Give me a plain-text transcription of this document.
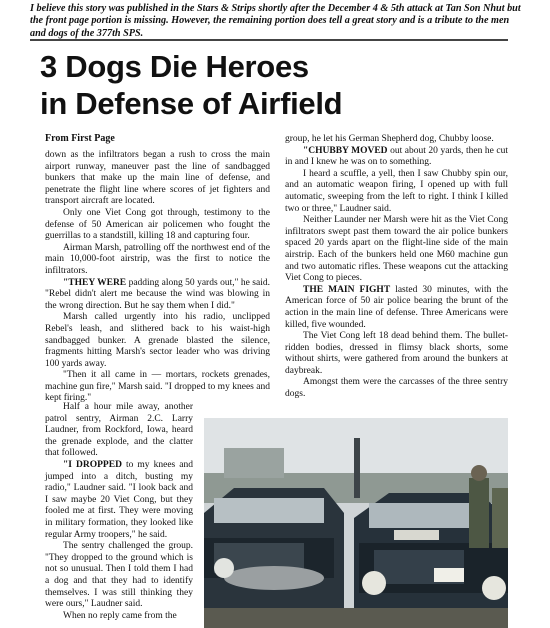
I believe this story was published in the Stars & Strips shortly after the December 4 & 5th attack at Tan Son Nhut but the front page portion is missing. However, the remaining portion does tell a great story and is a tribute to the men and dogs of the 377th SPS.
3 Dogs Die Heroes
in Defense of Airfield
From First Page

down as the infiltrators began a rush to cross the main airport runway, maneuver past the line of sandbagged bunkers that make up the main line of defense, and penetrate the flight line where scores of jet fighters and transport aircraft are located.

Only one Viet Cong got through, testimony to the defense of 50 American air policemen who fought the guerrillas to a standstill, killing 18 and capturing four.

Airman Marsh, patrolling off the northwest end of the main 10,000-foot airstrip, was the first to notice the infiltrators.

"THEY WERE padding along 50 yards out," he said. "Rebel didn't alert me because the wind was blowing in the wrong direction. But he say them when I did."

Marsh called urgently into his radio, unclipped Rebel's leash, and slithered back to his waist-high sandbagged bunker. A grenade blasted the silence, fragments hitting Marsh's sector leader who was driving 100 yards away.

"Then it all came in — mortars, rockets grenades, machine gun fire," Marsh said. "I dropped to my knees and kept firing."

Half a hour mile away, another patrol sentry, Airman 2.C. Larry Laudner, from Rockford, Iowa, heard the grenade explode, and the clatter that followed.

"I DROPPED to my knees and jumped into a ditch, busting my radio," Laudner said. "I look back and I saw maybe 20 Viet Cong, but they fooled me at first. They were moving in military formation, they looked like regular Army troopers," he said.

The sentry challenged the group. "They dropped to the ground which is not so unusual. Then I told them I had a dog and that they had to identify themselves. I was still thinking they were ours," Laudner said.

When no reply came from the

group, he let his German Shepherd dog, Chubby loose.

"CHUBBY MOVED out about 20 yards, then he cut in and I knew he was on to something.

I heard a scuffle, a yell, then I saw Chubby spin our, and an automatic weapon firing, I opened up with full automatic, sweeping from the left to right. I think I killed two or three," Laudner said.

Neither Launder ner Marsh were hit as the Viet Cong infiltrators swept past them toward the air police bunkers spaced 20 yards apart on the flight-line side of the main airstrip. Each of the bunkers held one M60 machine gun and two automatic rifles. These weapons cut the attacking Viet Cong to pieces.

THE MAIN FIGHT lasted 30 minutes, with the American force of 50 air police bearing the brunt of the action in the main line of defense. Three Americans were killed, five wounded.

The Viet Cong left 18 dead behind them. The bullet-ridden bodies, dressed in flimsy black shorts, some without shirts, were gathered from around the bunkers at daybreak.

Amongst them were the carcasses of the three sentry dogs.
